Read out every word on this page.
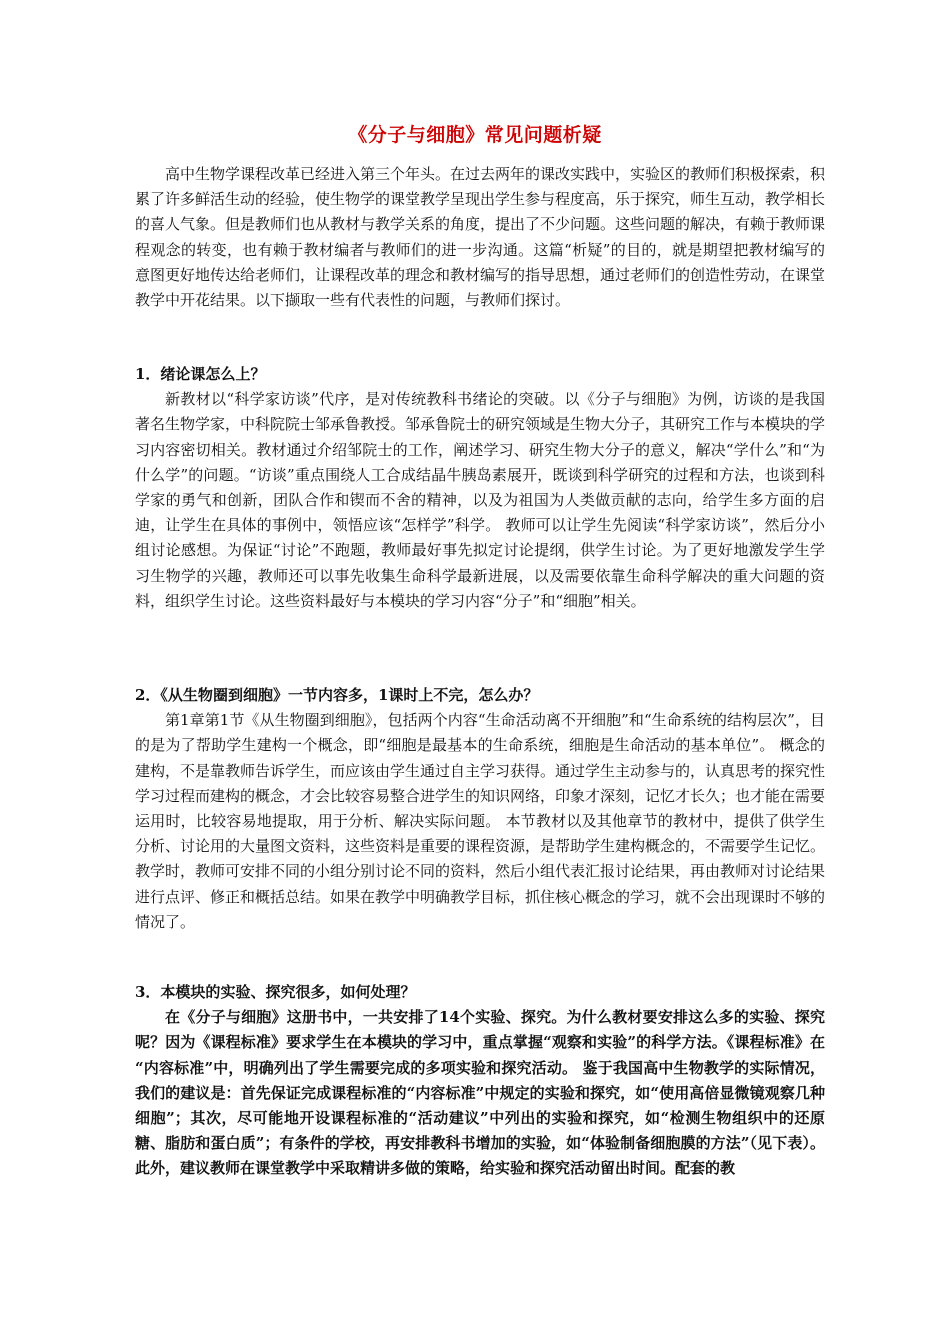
《分子与细胞》常见问题析疑

高中生物学课程改革已经进入第三个年头。在过去两年的课改实践中，实验区的教师们积极探索，积累了许多鲜活生动的经验，使生物学的课堂教学呈现出学生参与程度高，乐于探究，师生互动，教学相长的喜人气象。但是教师们也从教材与教学关系的角度，提出了不少问题。这些问题的解决，有赖于教师课程观念的转变，也有赖于教材编者与教师们的进一步沟通。这篇“析疑”的目的，就是期望把教材编写的意图更好地传达给老师们，让课程改革的理念和教材编写的指导思想，通过老师们的创造性劳动，在课堂教学中开花结果。以下撷取一些有代表性的问题，与教师们探讨。

1．绪论课怎么上？

新教材以“科学家访谈”代序，是对传统教科书绪论的突破。以《分子与细胞》为例，访谈的是我国著名生物学家，中科院院士邹承鲁教授。邹承鲁院士的研究领域是生物大分子，其研究工作与本模块的学习内容密切相关。教材通过介绍邹院士的工作，阐述学习、研究生物大分子的意义，解决“学什么”和“为什么学”的问题。“访谈”重点围绕人工合成结晶牛胰岛素展开，既谈到科学研究的过程和方法，也谈到科学家的勇气和创新，团队合作和锲而不舍的精神，以及为祖国为人类做贡献的志向，给学生多方面的启迪，让学生在具体的事例中，领悟应该“怎样学”科学。 教师可以让学生先阅读“科学家访谈”，然后分小组讨论感想。为保证“讨论”不跑题，教师最好事先拟定讨论提纲，供学生讨论。为了更好地激发学生学习生物学的兴趣，教师还可以事先收集生命科学最新进展，以及需要依靠生命科学解决的重大问题的资料，组织学生讨论。这些资料最好与本模块的学习内容“分子”和“细胞”相关。

2．《从生物圈到细胞》一节内容多，1课时上不完，怎么办？

第1章第1节《从生物圈到细胞》，包括两个内容“生命活动离不开细胞”和“生命系统的结构层次”，目的是为了帮助学生建构一个概念，即“细胞是最基本的生命系统，细胞是生命活动的基本单位”。 概念的建构，不是靠教师告诉学生，而应该由学生通过自主学习获得。通过学生主动参与的，认真思考的探究性学习过程而建构的概念，才会比较容易整合进学生的知识网络，印象才深刻，记忆才长久；也才能在需要运用时，比较容易地提取，用于分析、解决实际问题。 本节教材以及其他章节的教材中，提供了供学生分析、讨论用的大量图文资料，这些资料是重要的课程资源，是帮助学生建构概念的，不需要学生记忆。教学时，教师可安排不同的小组分别讨论不同的资料，然后小组代表汇报讨论结果，再由教师对讨论结果进行点评、修正和概括总结。如果在教学中明确教学目标，抓住核心概念的学习，就不会出现课时不够的情况了。

3．本模块的实验、探究很多，如何处理？

在《分子与细胞》这册书中，一共安排了14个实验、探究。为什么教材要安排这么多的实验、探究呢？因为《课程标准》要求学生在本模块的学习中，重点掌握“观察和实验”的科学方法。《课程标准》在 “内容标准”中，明确列出了学生需要完成的多项实验和探究活动。 鉴于我国高中生物教学的实际情况，我们的建议是：首先保证完成课程标准的“内容标准”中规定的实验和探究，如“使用高倍显微镜观察几种细胞”；其次，尽可能地开设课程标准的“活动建议”中列出的实验和探究，如“检测生物组织中的还原糖、脂肪和蛋白质”；有条件的学校，再安排教科书增加的实验，如“体验制备细胞膜的方法”（见下表）。此外，建议教师在课堂教学中采取精讲多做的策略，给实验和探究活动留出时间。配套的教
